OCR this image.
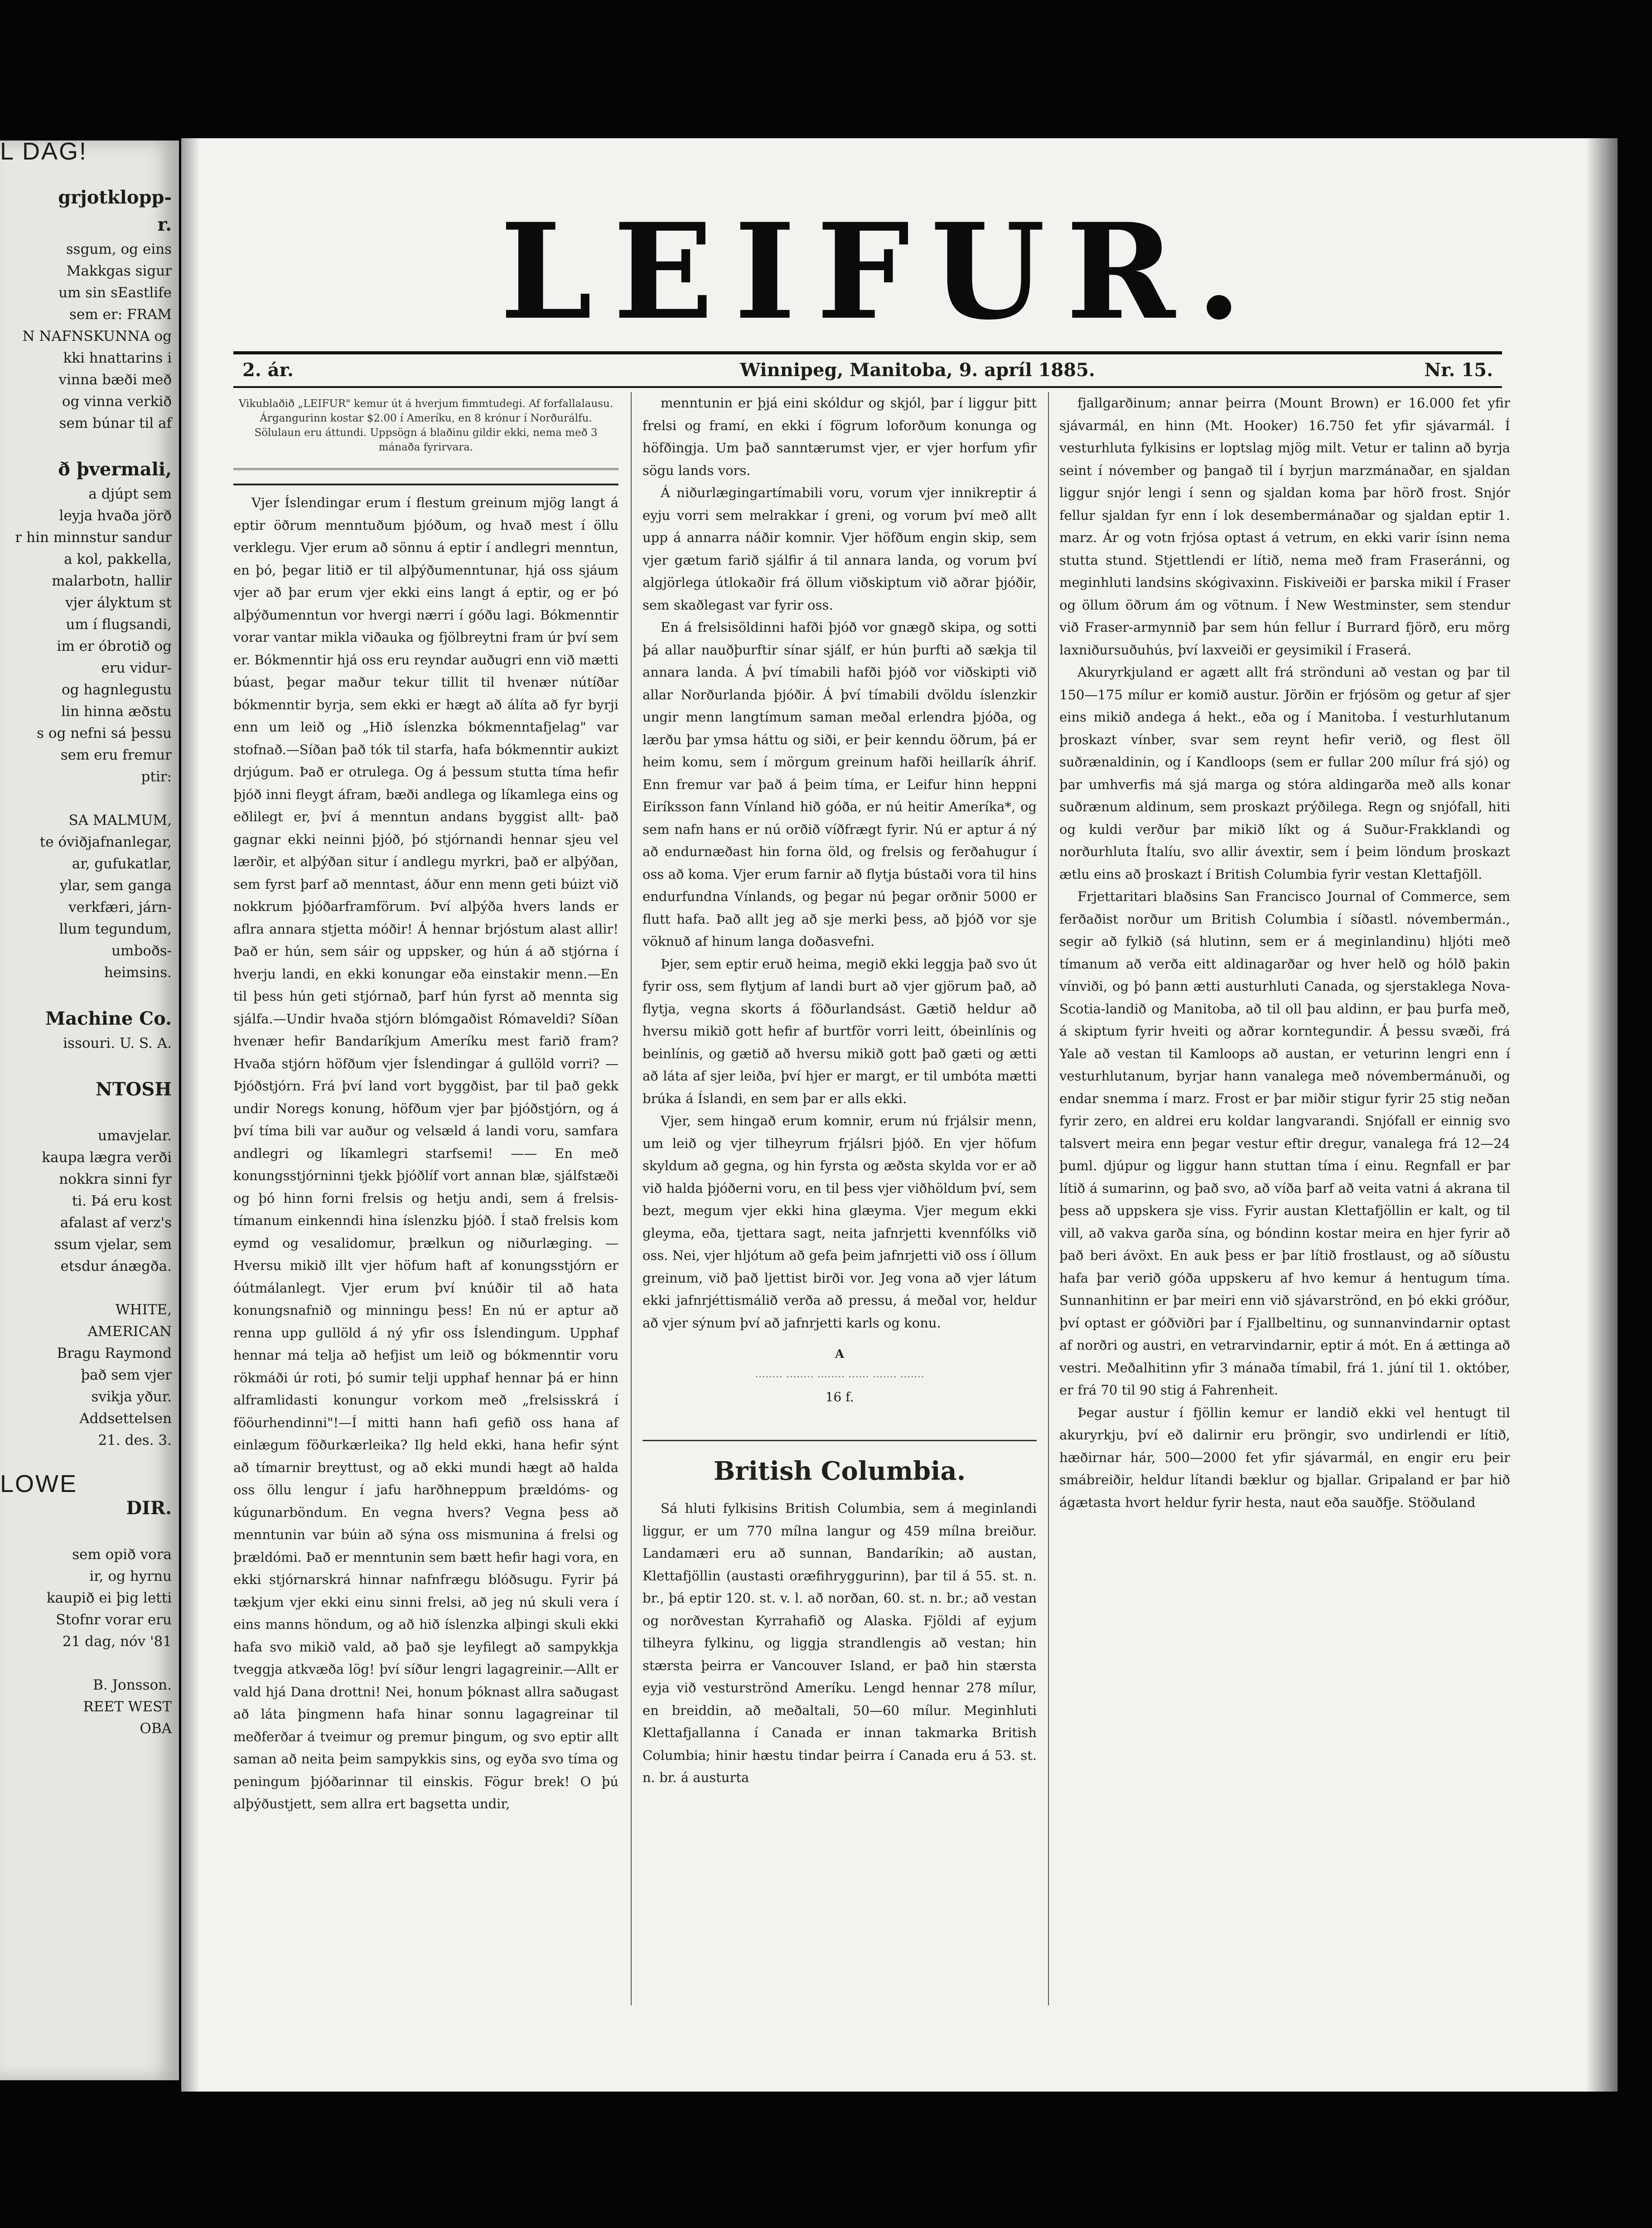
L DAG!
grjotklopp-
r.
ssgum, og eins
Makkgas sigur
um sin sEastlife
sem er: FRAM
N NAFNSKUNNA og
kki hnattarins i
vinna bæði með
og vinna verkið
sem búnar til af
ð þvermali,
a djúpt sem
leyja hvaða jörð
r hin minnstur sandur
a kol, pakkella,
malarbotn, hallir
vjer ályktum st
um í flugsandi,
im er óbrotið og
eru vidur-
og hagnlegustu
lin hinna æðstu
s og nefni sá þessu
sem eru fremur
ptir:
SA MALMUM,
te óviðjafnanlegar,
ar, gufukatlar,
ylar, sem ganga
verkfæri, járn-
llum tegundum,
umboðs-
heimsins.
Machine Co.
issouri. U. S. A.
NTOSH
umavjelar.
kaupa lægra verði
nokkra sinni fyr
ti. Þá eru kost
afalast af verz's
ssum vjelar, sem
etsdur ánægða.
WHITE,
AMERICAN
Bragu Raymond
það sem vjer
svikja yður.
Addsettelsen
21. des. 3.
LOWE
DIR.
sem opið vora
ir, og hyrnu
kaupið ei þig letti
Stofnr vorar eru
21 dag, nóv '81
B. Jonsson.
REET WEST
OBA
LEIFUR.
2. ár.	Winnipeg, Manitoba, 9. apríl 1885.	Nr. 15.
Vikublaðið „LEIFUR" kemur út á hverjum fimmtudegi. Af forfallalausu. Árgangurinn kostar $2.00 í Ameríku, en 8 krónur í Norðurálfu. Sölulaun eru áttundi. Uppsögn á blaðinu gildir ekki, nema með 3 mánaða fyrirvara.

Vjer Íslendingar erum í flestum greinum mjög langt á eptir öðrum menntuðum þjóðum, og hvað mest í öllu verklegu. Vjer erum að sönnu á eptir í andlegri menntun, en þó, þegar litið er til alþýðumenntunar, hjá oss sjáum vjer að þar erum vjer ekki eins langt á eptir, og er þó alþýðumenntun vor hvergi nærri í góðu lagi. Bókmenntir vorar vantar mikla viðauka og fjölbreytni fram úr því sem er. Bókmenntir hjá oss eru reyndar auðugri enn við mætti búast, þegar maður tekur tillit til hvenær nútíðar bókmenntir byrja, sem ekki er hægt að álíta að fyr byrji enn um leið og „Hið íslenzka bókmenntafjelag" var stofnað.—Síðan það tók til starfa, hafa bókmenntir aukizt drjúgum. Það er otrulega. Og á þessum stutta tíma hefir þjóð inni fleygt áfram, bæði andlega og líkamlega eins og eðlilegt er, því á menntun andans byggist allt- það gagnar ekki neinni þjóð, þó stjórnandi hennar sjeu vel lærðir, et alþýðan situr í andlegu myrkri, það er alþýðan, sem fyrst þarf að menntast, áður enn menn geti búizt við nokkrum þjóðarframförum. Því alþýða hvers lands er aflra annara stjetta móðir! Á hennar brjóstum alast allir! Það er hún, sem sáir og uppsker, og hún á að stjórna í hverju landi, en ekki konungar eða einstakir menn.—En til þess hún geti stjórnað, þarf hún fyrst að mennta sig sjálfa.—Undir hvaða stjórn blómgaðist Rómaveldi? Síðan hvenær hefir Bandaríkjum Ameríku mest farið fram? Hvaða stjórn höfðum vjer Íslendingar á gullöld vorri? —Þjóðstjórn. Frá því land vort byggðist, þar til það gekk undir Noregs konung, höfðum vjer þar þjóðstjórn, og á því tíma bili var auður og velsæld á landi voru, samfara andlegri og líkamlegri starfsemi! —— En með konungsstjórninni tjekk þjóðlíf vort annan blæ, sjálfstæði og þó hinn forni frelsis og hetju andi, sem á frelsis-tímanum einkenndi hina íslenzku þjóð. Í stað frelsis kom eymd og vesalidomur, þrælkun og niðurlæging. — Hversu mikið illt vjer höfum haft af konungsstjórn er óútmálanlegt. Vjer erum því knúðir til að hata konungsnafnið og minningu þess! En nú er aptur að renna upp gullöld á ný yfir oss Íslendingum. Upphaf hennar má telja að hefjist um leið og bókmenntir voru rökmáði úr roti, þó sumir telji upphaf hennar þá er hinn alframlidasti konungur vorkom með „frelsisskrá í fööurhendinni"!—Í mitti hann hafi gefið oss hana af einlægum föðurkærleika? Ilg held ekki, hana hefir sýnt að tímarnir breyttust, og að ekki mundi hægt að halda oss öllu lengur í jafu harðhneppum þrældóms- og kúgunarböndum. En vegna hvers? Vegna þess að menntunin var búin að sýna oss mismunina á frelsi og þrældómi. Það er menntunin sem bætt hefir hagi vora, en ekki stjórnarskrá hinnar nafnfrægu blóðsugu. Fyrir þá tækjum vjer ekki einu sinni frelsi, að jeg nú skuli vera í eins manns höndum, og að hið íslenzka alþingi skuli ekki hafa svo mikið vald, að það sje leyfilegt að sampykkja tveggja atkvæða lög! því síður lengri lagagreinir.—Allt er vald hjá Dana drottni! Nei, honum þóknast allra saðugast að láta þingmenn hafa hinar sonnu lagagreinar til meðferðar á tveimur og premur þingum, og svo eptir allt saman að neita þeim sampykkis sins, og eyða svo tíma og peningum þjóðarinnar til einskis. Fögur brek! O þú alþýðustjett, sem allra ert bagsetta undir,

menntunin er þjá eini skóldur og skjól, þar í liggur þitt frelsi og framí, en ekki í fögrum loforðum konunga og höfðingja. Um það sanntærumst vjer, er vjer horfum yfir sögu lands vors.

Á niðurlægingartímabili voru, vorum vjer innikreptir á eyju vorri sem melrakkar í greni, og vorum því með allt upp á annarra náðir komnir. Vjer höfðum engin skip, sem vjer gætum farið sjálfir á til annara landa, og vorum því algjörlega útlokaðir frá öllum viðskiptum við aðrar þjóðir, sem skaðlegast var fyrir oss.

En á frelsisöldinni hafði þjóð vor gnægð skipa, og sotti þá allar nauðþurftir sínar sjálf, er hún þurfti að sækja til annara landa. Á því tímabili hafði þjóð vor viðskipti við allar Norðurlanda þjóðir. Á því tímabili dvöldu íslenzkir ungir menn langtímum saman meðal erlendra þjóða, og lærðu þar ymsa háttu og siði, er þeir kenndu öðrum, þá er heim komu, sem í mörgum greinum hafði heillarík áhrif. Enn fremur var það á þeim tíma, er Leifur hinn heppni Eiríksson fann Vínland hið góða, er nú heitir Ameríka*, og sem nafn hans er nú orðið víðfrægt fyrir. Nú er aptur á ný að endurnæðast hin forna öld, og frelsis og ferðahugur í oss að koma. Vjer erum farnir að flytja bústaði vora til hins endurfundna Vínlands, og þegar nú þegar orðnir 5000 er flutt hafa. Það allt jeg að sje merki þess, að þjóð vor sje vöknuð af hinum langa doðasvefni.

Þjer, sem eptir eruð heima, megið ekki leggja það svo út fyrir oss, sem flytjum af landi burt að vjer gjörum það, að flytja, vegna skorts á föðurlandsást. Gætið heldur að hversu mikið gott hefir af burtför vorri leitt, óbeinlínis og beinlínis, og gætið að hversu mikið gott það gæti og ætti að láta af sjer leiða, því hjer er margt, er til umbóta mætti brúka á Íslandi, en sem þar er alls ekki.

Vjer, sem hingað erum komnir, erum nú frjálsir menn, um leið og vjer tilheyrum frjálsri þjóð. En vjer höfum skyldum að gegna, og hin fyrsta og æðsta skylda vor er að við halda þjóðerni voru, en til þess vjer viðhöldum því, sem bezt, megum vjer ekki hina glæyma. Vjer megum ekki gleyma, eða, tjettara sagt, neita jafnrjetti kvennfólks við oss. Nei, vjer hljótum að gefa þeim jafnrjetti við oss í öllum greinum, við það ljettist birði vor. Jeg vona að vjer látum ekki jafnrjéttismálið verða að pressu, á meðal vor, heldur að vjer sýnum því að jafnrjetti karls og konu.

A
........ ........ ........ ...... ....... .......
16 f.
British Columbia.

Sá hluti fylkisins British Columbia, sem á meginlandi liggur, er um 770 mílna langur og 459 mílna breiður. Landamæri eru að sunnan, Bandaríkin; að austan, Klettafjöllin (austasti oræfihryggurinn), þar til á 55. st. n. br., þá eptir 120. st. v. l. að norðan, 60. st. n. br.; að vestan og norðvestan Kyrrahafið og Alaska. Fjöldi af eyjum tilheyra fylkinu, og liggja strandlengis að vestan; hin stærsta þeirra er Vancouver Island, er það hin stærsta eyja við vesturströnd Ameríku. Lengd hennar 278 mílur, en breiddin, að meðaltali, 50—60 mílur. Meginhluti Klettafjallanna í Canada er innan takmarka British Columbia; hinir hæstu tindar þeirra í Canada eru á 53. st. n. br. á austurta

fjallgarðinum; annar þeirra (Mount Brown) er 16.000 fet yfir sjávarmál, en hinn (Mt. Hooker) 16.750 fet yfir sjávarmál. Í vesturhluta fylkisins er loptslag mjög milt. Vetur er talinn að byrja seint í nóvember og þangað til í byrjun marzmánaðar, en sjaldan liggur snjór lengi í senn og sjaldan koma þar hörð frost. Snjór fellur sjaldan fyr enn í lok desembermánaðar og sjaldan eptir 1. marz. Ár og votn frjósa optast á vetrum, en ekki varir ísinn nema stutta stund. Stjettlendi er lítið, nema með fram Fraseránni, og meginhluti landsins skógivaxinn. Fiskiveiði er þarska mikil í Fraser og öllum öðrum ám og vötnum. Í New Westminster, sem stendur við Fraser-armynnið þar sem hún fellur í Burrard fjörð, eru mörg laxniðursuðuhús, því laxveiði er geysimikil í Fraserá.

Akuryrkjuland er agætt allt frá strönduni að vestan og þar til 150—175 mílur er komið austur. Jörðin er frjósöm og getur af sjer eins mikið andega á hekt., eða og í Manitoba. Í vesturhlutanum þroskazt vínber, svar sem reynt hefir verið, og flest öll suðrænaldinin, og í Kandloops (sem er fullar 200 mílur frá sjó) og þar umhverfis má sjá marga og stóra aldingarða með alls konar suðrænum aldinum, sem proskazt prýðilega. Regn og snjófall, hiti og kuldi verður þar mikið líkt og á Suður-Frakklandi og norðurhluta Ítalíu, svo allir ávextir, sem í þeim löndum þroskazt ætlu eins að þroskazt í British Columbia fyrir vestan Klettafjöll.

Frjettaritari blaðsins San Francisco Journal of Commerce, sem ferðaðist norður um British Columbia í síðastl. nóvembermán., segir að fylkið (sá hlutinn, sem er á meginlandinu) hljóti með tímanum að verða eitt aldinagarðar og hver helð og hólð þakin vínviði, og þó þann ætti austurhluti Canada, og sjerstaklega Nova-Scotia-landið og Manitoba, að til oll þau aldinn, er þau þurfa með, á skiptum fyrir hveiti og aðrar korntegundir. Á þessu svæði, frá Yale að vestan til Kamloops að austan, er veturinn lengri enn í vesturhlutanum, byrjar hann vanalega með nóvembermánuði, og endar snemma í marz. Frost er þar miðir stigur fyrir 25 stig neðan fyrir zero, en aldrei eru koldar langvarandi. Snjófall er einnig svo talsvert meira enn þegar vestur eftir dregur, vanalega frá 12—24 þuml. djúpur og liggur hann stuttan tíma í einu. Regnfall er þar lítið á sumarinn, og það svo, að víða þarf að veita vatni á akrana til þess að uppskera sje viss. Fyrir austan Klettafjöllin er kalt, og til vill, að vakva garða sína, og bóndinn kostar meira en hjer fyrir að það beri ávöxt. En auk þess er þar lítið frostlaust, og að síðustu hafa þar verið góða uppskeru af hvo kemur á hentugum tíma. Sunnanhitinn er þar meiri enn við sjávarströnd, en þó ekki gróður, því optast er góðviðri þar í Fjallbeltinu, og sunnanvindarnir optast af norðri og austri, en vetrarvindarnir, eptir á mót. En á ættinga að vestri. Meðalhitinn yfir 3 mánaða tímabil, frá 1. júní til 1. október, er frá 70 til 90 stig á Fahrenheit.

Þegar austur í fjöllin kemur er landið ekki vel hentugt til akuryrkju, því eð dalirnir eru þröngir, svo undirlendi er lítið, hæðirnar hár, 500—2000 fet yfir sjávarmál, en engir eru þeir smábreiðir, heldur lítandi bæklur og bjallar. Gripaland er þar hið ágætasta hvort heldur fyrir hesta, naut eða sauðfje. Stöðuland
